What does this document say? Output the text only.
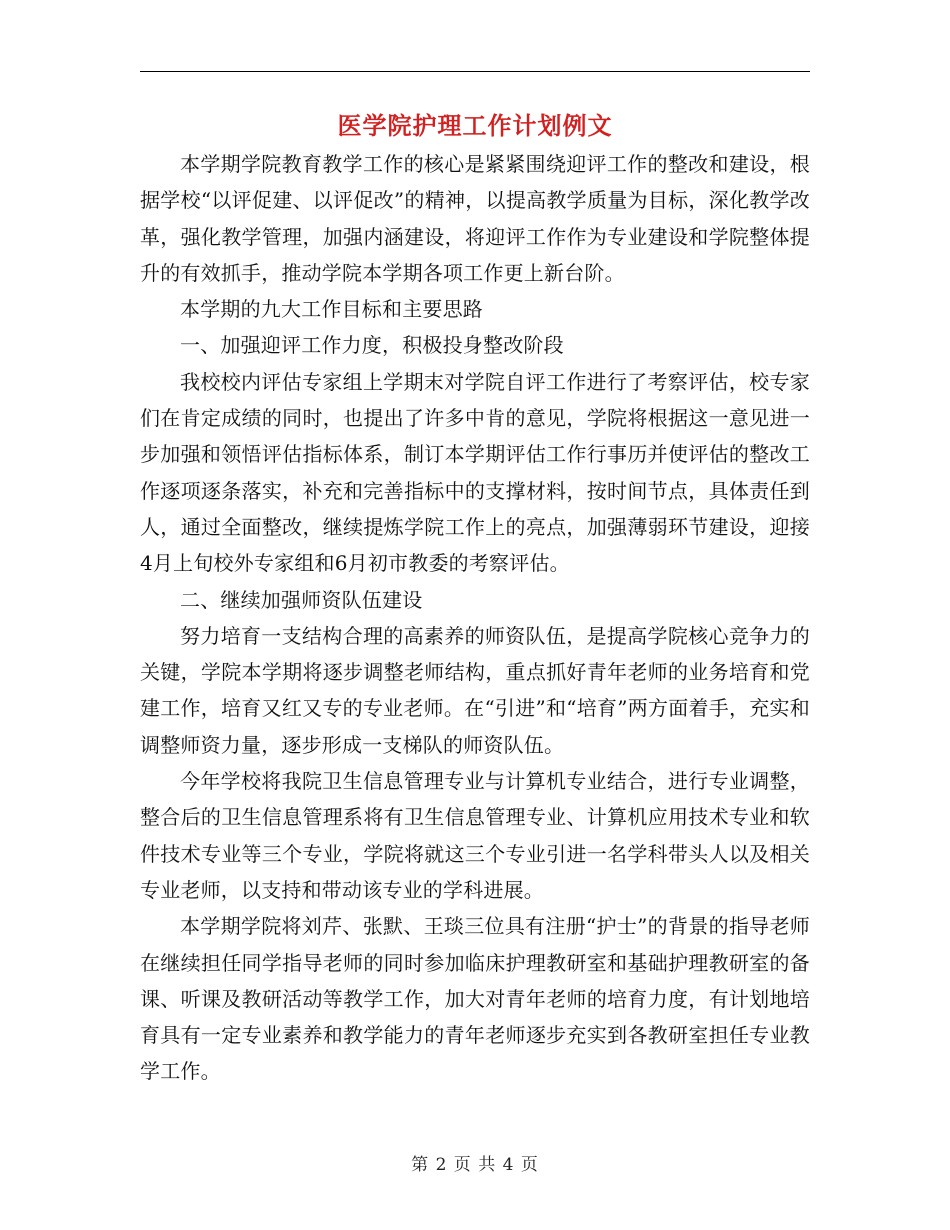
医学院护理工作计划例文

本学期学院教育教学工作的核心是紧紧围绕迎评工作的整改和建设，根据学校“以评促建、以评促改”的精神，以提高教学质量为目标，深化教学改革，强化教学管理，加强内涵建设，将迎评工作作为专业建设和学院整体提升的有效抓手，推动学院本学期各项工作更上新台阶。

本学期的九大工作目标和主要思路

一、加强迎评工作力度，积极投身整改阶段

我校校内评估专家组上学期末对学院自评工作进行了考察评估，校专家们在肯定成绩的同时，也提出了许多中肯的意见，学院将根据这一意见进一步加强和领悟评估指标体系，制订本学期评估工作行事历并使评估的整改工作逐项逐条落实，补充和完善指标中的支撑材料，按时间节点，具体责任到人，通过全面整改，继续提炼学院工作上的亮点，加强薄弱环节建设，迎接4月上旬校外专家组和6月初市教委的考察评估。

二、继续加强师资队伍建设

努力培育一支结构合理的高素养的师资队伍，是提高学院核心竞争力的关键，学院本学期将逐步调整老师结构，重点抓好青年老师的业务培育和党建工作，培育又红又专的专业老师。在“引进”和“培育”两方面着手，充实和调整师资力量，逐步形成一支梯队的师资队伍。

今年学校将我院卫生信息管理专业与计算机专业结合，进行专业调整，整合后的卫生信息管理系将有卫生信息管理专业、计算机应用技术专业和软件技术专业等三个专业，学院将就这三个专业引进一名学科带头人以及相关专业老师，以支持和带动该专业的学科进展。

本学期学院将刘芹、张默、王琰三位具有注册“护士”的背景的指导老师在继续担任同学指导老师的同时参加临床护理教研室和基础护理教研室的备课、听课及教研活动等教学工作，加大对青年老师的培育力度，有计划地培育具有一定专业素养和教学能力的青年老师逐步充实到各教研室担任专业教学工作。

第 2 页 共 4 页
